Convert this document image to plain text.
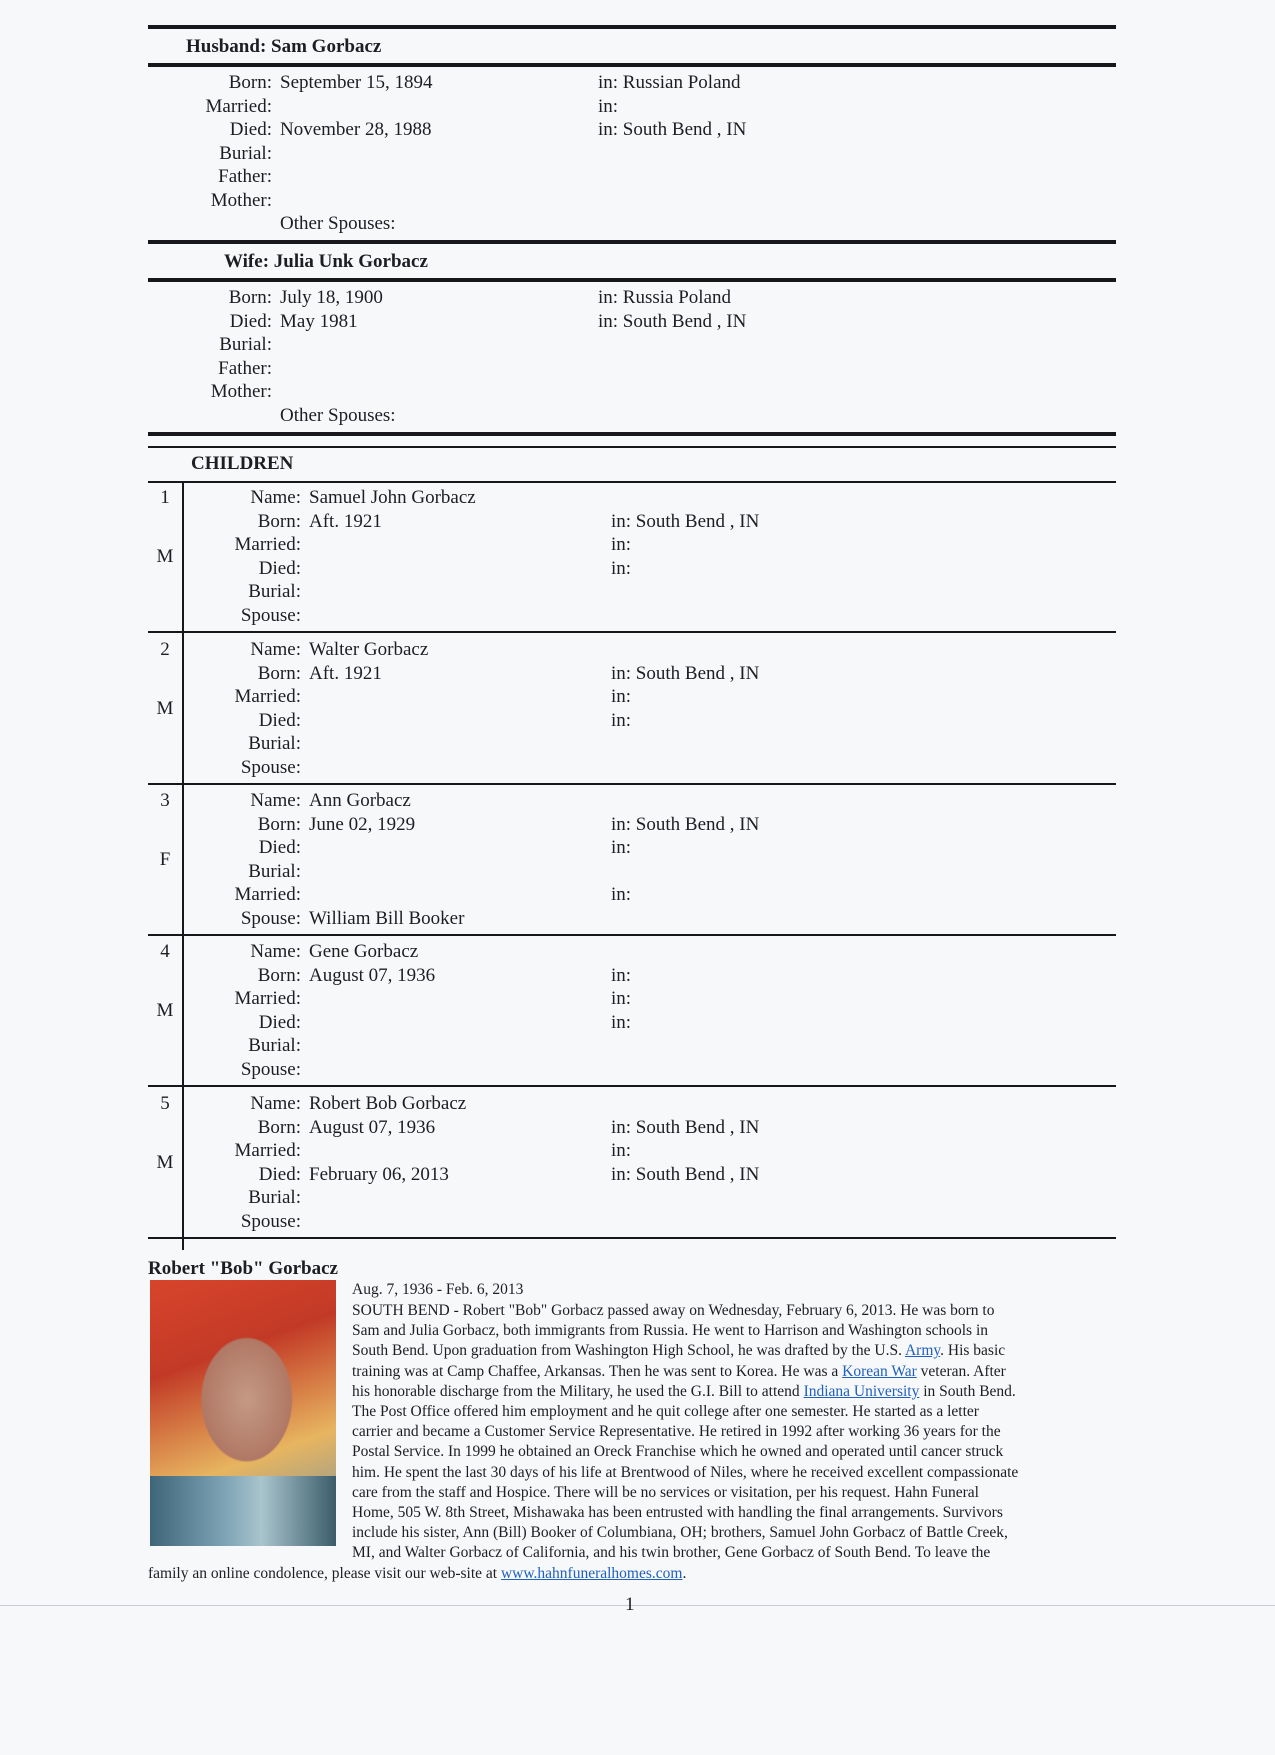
Husband: Sam Gorbacz
Born: September 15, 1894	in: Russian Poland
Married:	in:
Died: November 28, 1988	in: South Bend , IN
Burial:
Father:
Mother:
Other Spouses:
Wife: Julia Unk Gorbacz
Born: July 18, 1900	in: Russia Poland
Died: May 1981	in: South Bend , IN
Burial:
Father:
Mother:
Other Spouses:
CHILDREN
1
M
Name: Samuel John Gorbacz
Born: Aft. 1921	in: South Bend , IN
Married:	in:
Died:	in:
Burial:
Spouse:
2
M
Name: Walter Gorbacz
Born: Aft. 1921	in: South Bend , IN
Married:	in:
Died:	in:
Burial:
Spouse:
3
F
Name: Ann Gorbacz
Born: June 02, 1929	in: South Bend , IN
Died:	in:
Burial:
Married:	in:
Spouse: William Bill Booker
4
M
Name: Gene Gorbacz
Born: August 07, 1936	in:
Married:	in:
Died:	in:
Burial:
Spouse:
5
M
Name: Robert Bob Gorbacz
Born: August 07, 1936	in: South Bend , IN
Married:	in:
Died: February 06, 2013	in: South Bend , IN
Burial:
Spouse:
Robert "Bob" Gorbacz
Aug. 7, 1936 - Feb. 6, 2013
SOUTH BEND - Robert "Bob" Gorbacz passed away on Wednesday, February 6, 2013. He was born to
Sam and Julia Gorbacz, both immigrants from Russia. He went to Harrison and Washington schools in
South Bend. Upon graduation from Washington High School, he was drafted by the U.S. Army. His basic
training was at Camp Chaffee, Arkansas. Then he was sent to Korea. He was a Korean War veteran. After
his honorable discharge from the Military, he used the G.I. Bill to attend Indiana University in South Bend.
The Post Office offered him employment and he quit college after one semester. He started as a letter
carrier and became a Customer Service Representative. He retired in 1992 after working 36 years for the
Postal Service. In 1999 he obtained an Oreck Franchise which he owned and operated until cancer struck
him. He spent the last 30 days of his life at Brentwood of Niles, where he received excellent compassionate
care from the staff and Hospice. There will be no services or visitation, per his request. Hahn Funeral
Home, 505 W. 8th Street, Mishawaka has been entrusted with handling the final arrangements. Survivors
include his sister, Ann (Bill) Booker of Columbiana, OH; brothers, Samuel John Gorbacz of Battle Creek,
MI, and Walter Gorbacz of California, and his twin brother, Gene Gorbacz of South Bend. To leave the
family an online condolence, please visit our web-site at www.hahnfuneralhomes.com.
1
